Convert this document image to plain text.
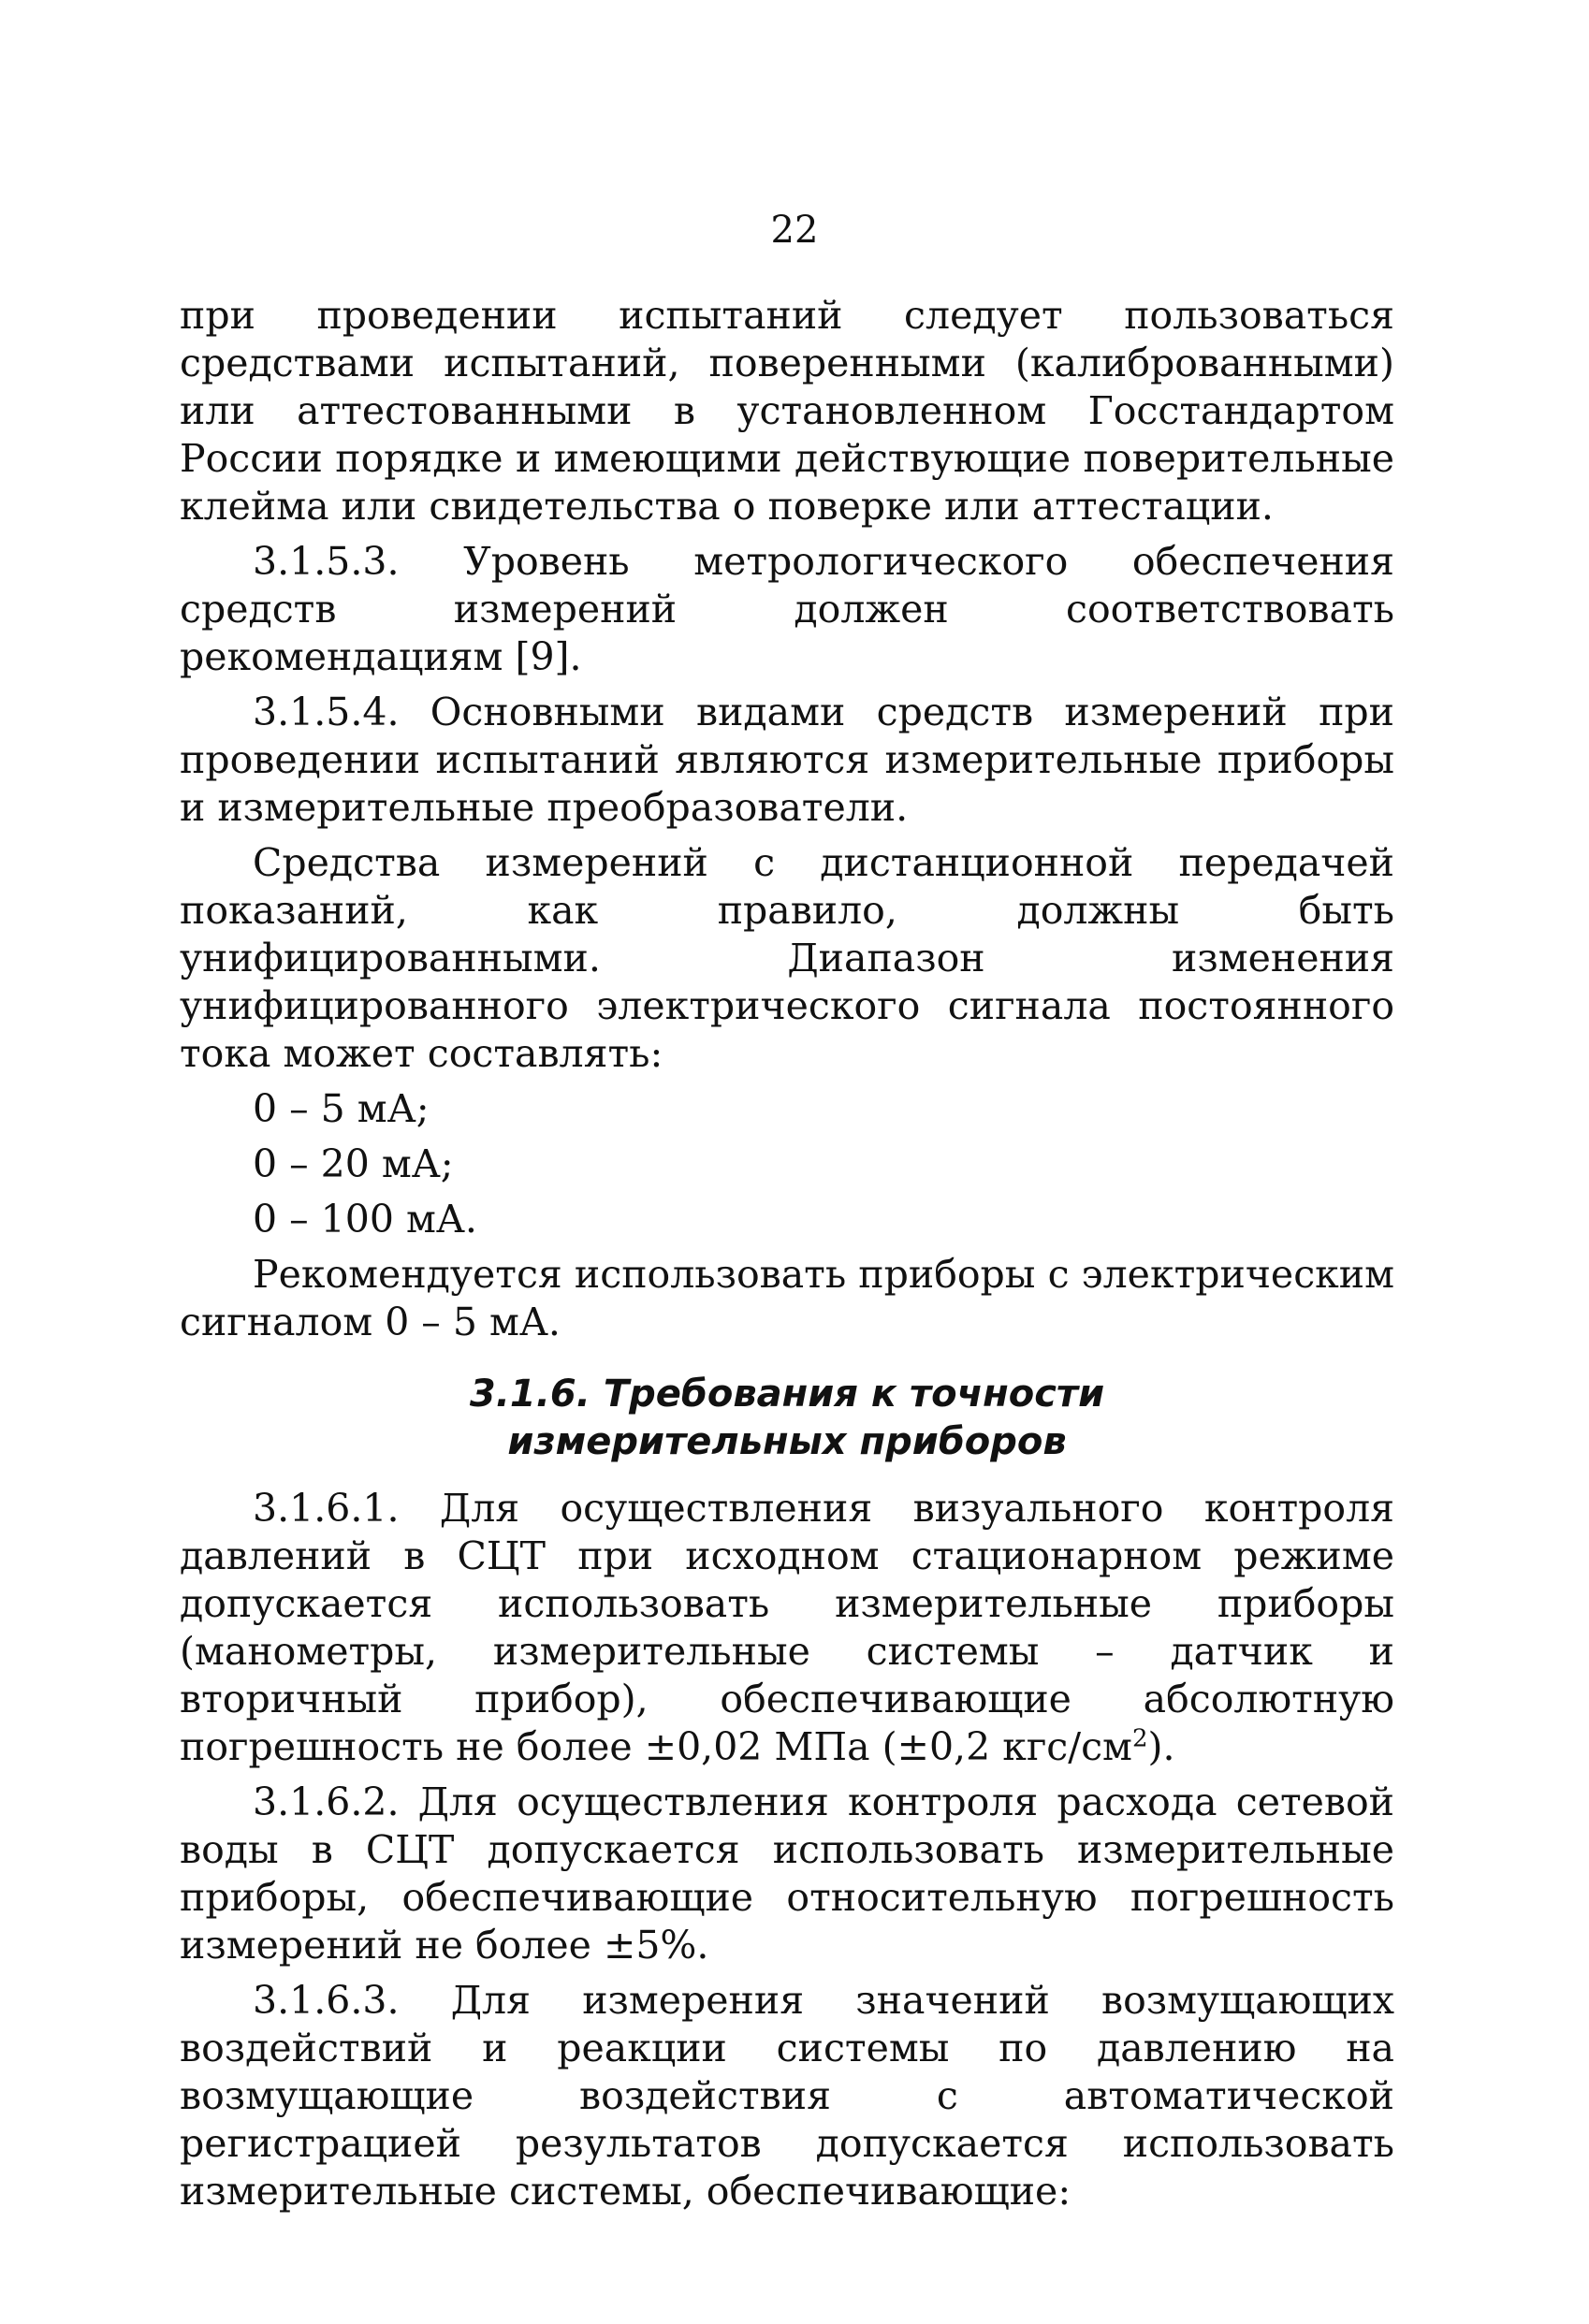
22

при проведении испытаний следует пользоваться средствами испытаний, поверенными (калиброванными) или аттестованными в установленном Госстандартом России порядке и имеющими действующие поверительные клейма или свидетельства о поверке или аттестации.

3.1.5.3. Уровень метрологического обеспечения средств измерений должен соответствовать рекомендациям [9].

3.1.5.4. Основными видами средств измерений при проведении испытаний являются измерительные приборы и измерительные преобразователи.

Средства измерений с дистанционной передачей показаний, как правило, должны быть унифицированными. Диапазон изменения унифицированного электрического сигнала постоянного тока может составлять:

0 – 5 мА;

0 – 20 мА;

0 – 100 мА.

Рекомендуется использовать приборы с электрическим сигналом 0 – 5 мА.

3.1.6. Требования к точности
измерительных приборов

3.1.6.1. Для осуществления визуального контроля давлений в СЦТ при исходном стационарном режиме допускается использовать измерительные приборы (манометры, измерительные системы – датчик и вторичный прибор), обеспечивающие абсолютную погрешность не более ±0,02 МПа (±0,2 кгс/$см^2$).

3.1.6.2. Для осуществления контроля расхода сетевой воды в СЦТ допускается использовать измерительные приборы, обеспечивающие относительную погрешность измерений не более ±5%.

3.1.6.3. Для измерения значений возмущающих воздействий и реакции системы по давлению на возмущающие воздействия с автоматической регистрацией результатов допускается использовать измерительные системы, обеспечивающие:
